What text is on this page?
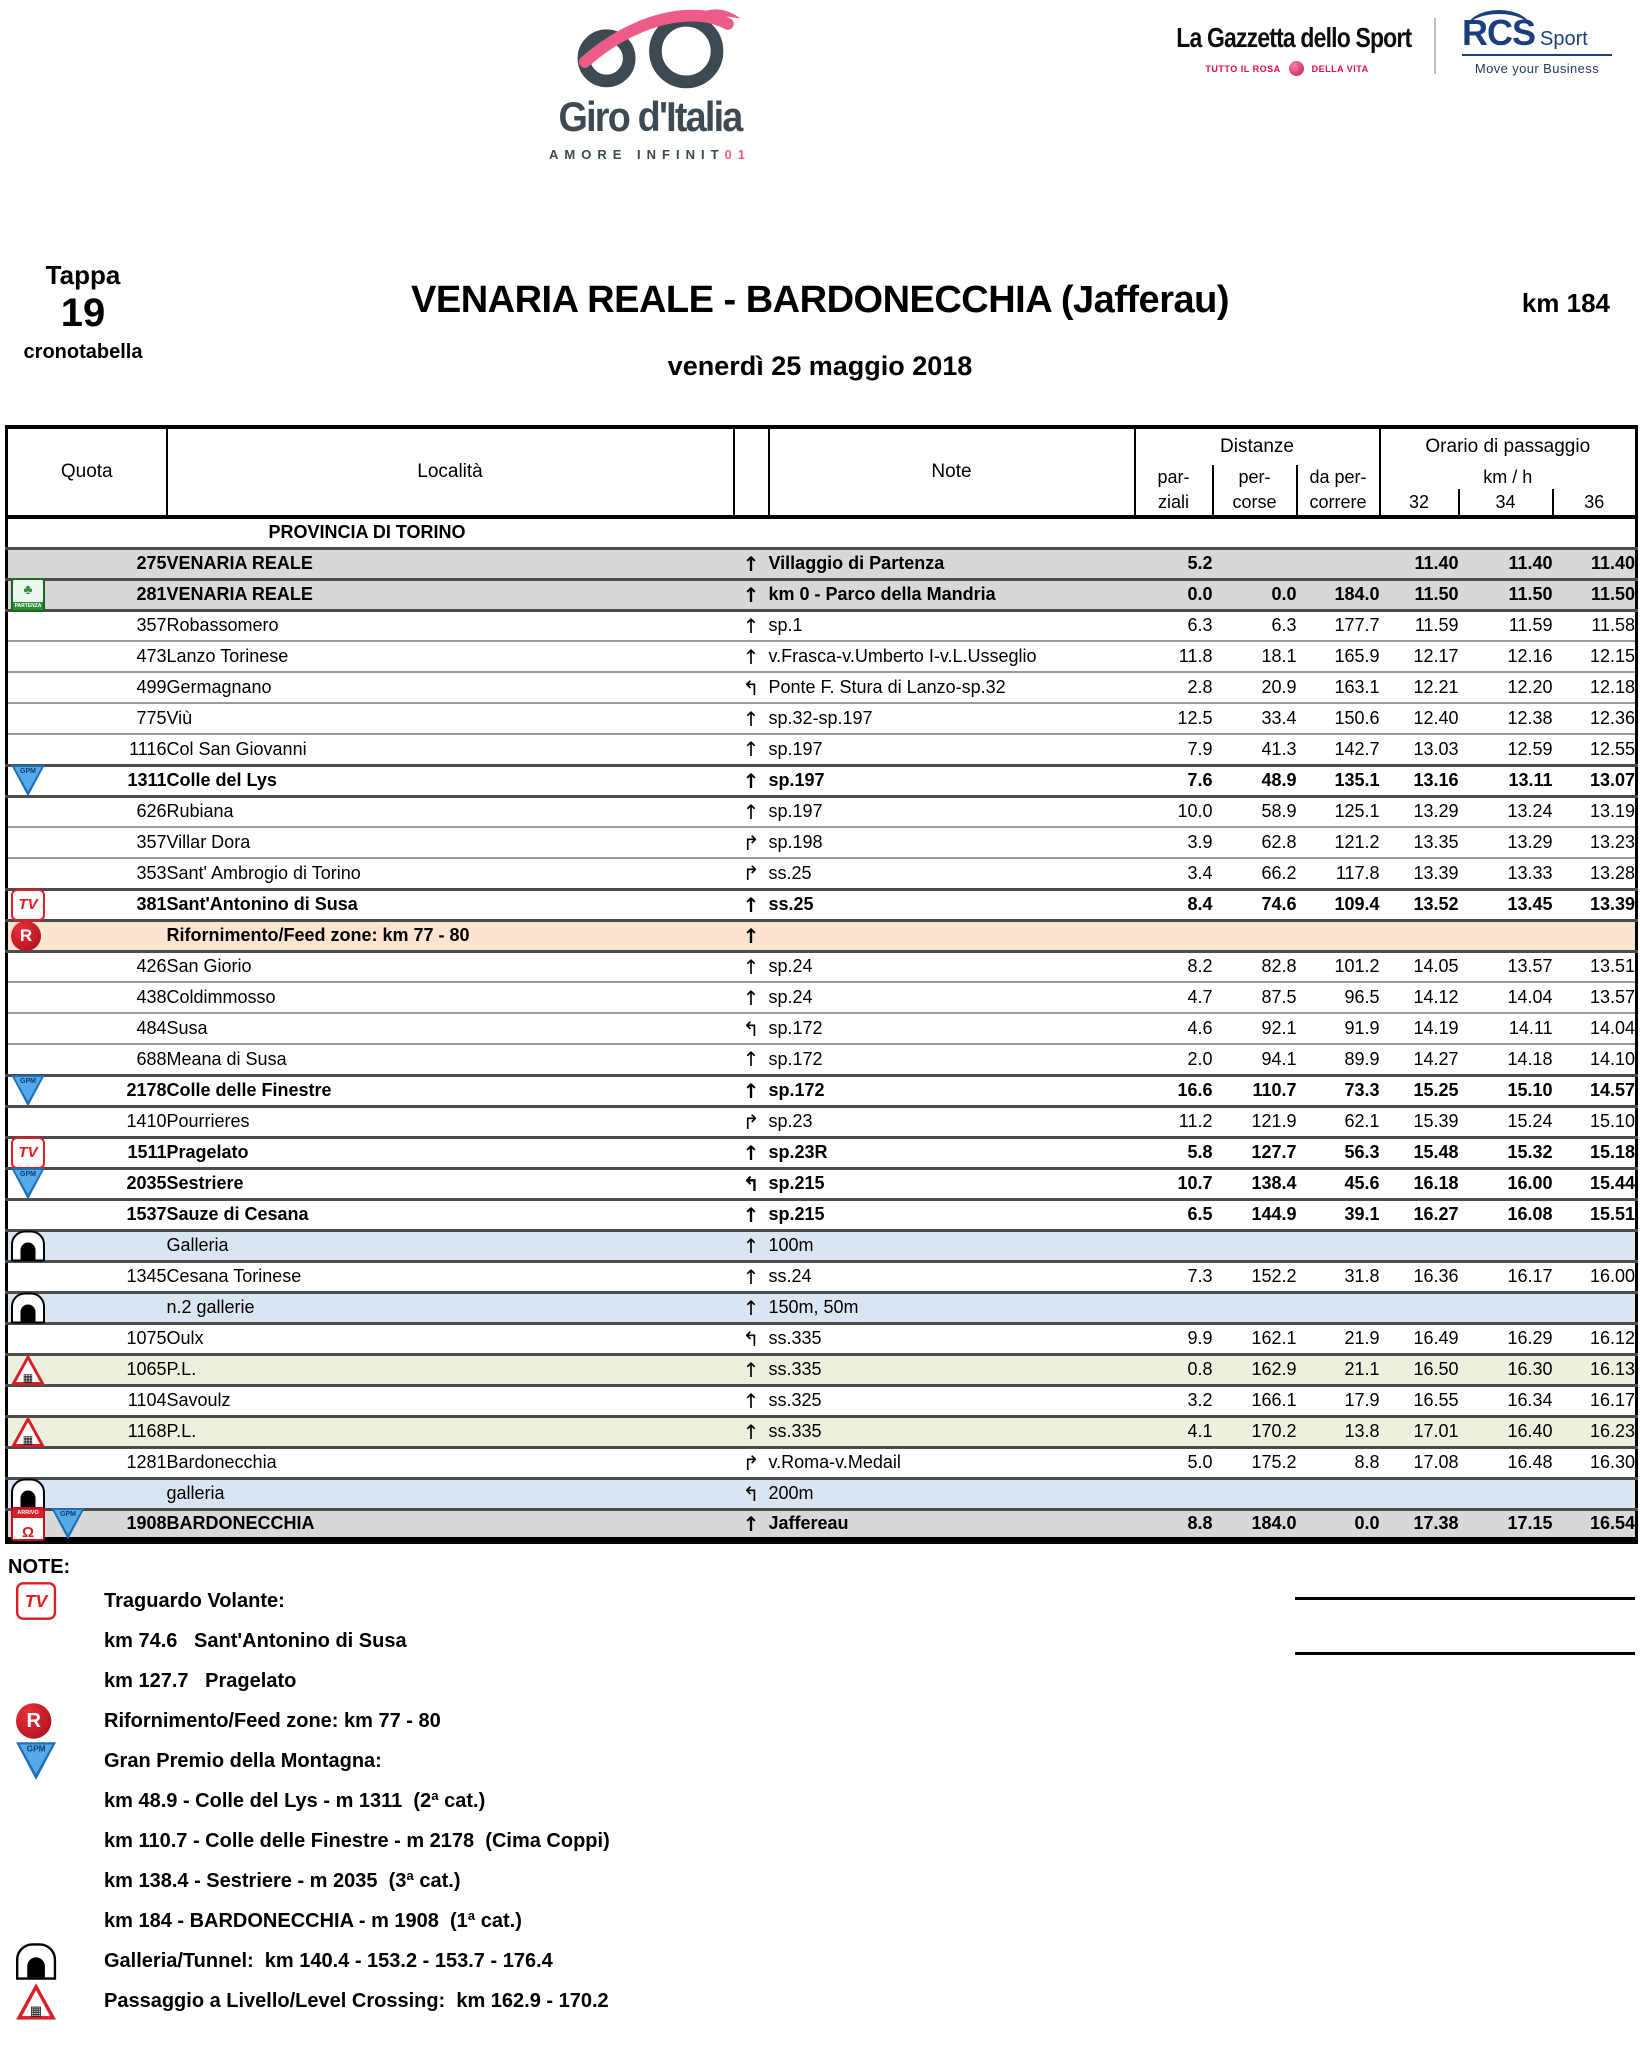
Giro d'Italia
AMORE INFINIT01
La Gazzetta dello Sport
TUTTO IL ROSA	DELLA VITA
RCS Sport
Move your Business
Tappa
19
cronotabella
VENARIA REALE - BARDONECCHIA (Jafferau)
venerdì 25 maggio 2018
km 184
Quota	Località		Note	Distanze			Orario di passaggio		
				par-	per-	da per-	km / h		
				ziali	corse	correre	32	34	36

	PROVINCIA DI TORINO								

275	VENARIA REALE	↑	Villaggio di Partenza	5.2			11.40	11.40	11.40

♣ PARTENZA
281	VENARIA REALE	↑	km 0 - Parco della Mandria	0.0	0.0	184.0	11.50	11.50	11.50

357	Robassomero	↑	sp.1	6.3	6.3	177.7	11.59	11.59	11.58

473	Lanzo Torinese	↑	v.Frasca-v.Umberto I-v.L.Usseglio	11.8	18.1	165.9	12.17	12.16	12.15

499	Germagnano	↰	Ponte F. Stura di Lanzo-sp.32	2.8	20.9	163.1	12.21	12.20	12.18

775	Viù	↑	sp.32-sp.197	12.5	33.4	150.6	12.40	12.38	12.36

1116	Col San Giovanni	↑	sp.197	7.9	41.3	142.7	13.03	12.59	12.55

GPM
1311	Colle del Lys	↑	sp.197	7.6	48.9	135.1	13.16	13.11	13.07

626	Rubiana	↑	sp.197	10.0	58.9	125.1	13.29	13.24	13.19

357	Villar Dora	↱	sp.198	3.9	62.8	121.2	13.35	13.29	13.23

353	Sant' Ambrogio di Torino	↱	ss.25	3.4	66.2	117.8	13.39	13.33	13.28

TV
381	Sant'Antonino di Susa	↑	ss.25	8.4	74.6	109.4	13.52	13.45	13.39

R
	Rifornimento/Feed zone: km 77 - 80	↑							

426	San Giorio	↑	sp.24	8.2	82.8	101.2	14.05	13.57	13.51

438	Coldimmosso	↑	sp.24	4.7	87.5	96.5	14.12	14.04	13.57

484	Susa	↰	sp.172	4.6	92.1	91.9	14.19	14.11	14.04

688	Meana di Susa	↑	sp.172	2.0	94.1	89.9	14.27	14.18	14.10

GPM
2178	Colle delle Finestre	↑	sp.172	16.6	110.7	73.3	15.25	15.10	14.57

1410	Pourrieres	↱	sp.23	11.2	121.9	62.1	15.39	15.24	15.10

TV
1511	Pragelato	↑	sp.23R	5.8	127.7	56.3	15.48	15.32	15.18

GPM
2035	Sestriere	↰	sp.215	10.7	138.4	45.6	16.18	16.00	15.44

1537	Sauze di Cesana	↑	sp.215	6.5	144.9	39.1	16.27	16.08	15.51

	Galleria	↑	100m						

1345	Cesana Torinese	↑	ss.24	7.3	152.2	31.8	16.36	16.17	16.00

	n.2 gallerie	↑	150m, 50m						

1075	Oulx	↰	ss.335	9.9	162.1	21.9	16.49	16.29	16.12

▦
1065	P.L.	↑	ss.335	0.8	162.9	21.1	16.50	16.30	16.13

1104	Savoulz	↑	ss.325	3.2	166.1	17.9	16.55	16.34	16.17

▦
1168	P.L.	↑	ss.335	4.1	170.2	13.8	17.01	16.40	16.23

1281	Bardonecchia	↱	v.Roma-v.Medail	5.0	175.2	8.8	17.08	16.48	16.30

	galleria	↰	200m						

ARRIVO Ω
GPM
1908	BARDONECCHIA	↑	Jaffereau	8.8	184.0	0.0	17.38	17.15	16.54
NOTE:
TV
Traguardo Volante:
km 74.6   Sant'Antonino di Susa
km 127.7   Pragelato
R
Rifornimento/Feed zone: km 77 - 80
GPM
Gran Premio della Montagna:
km 48.9 - Colle del Lys - m 1311  (2ª cat.)
km 110.7 - Colle delle Finestre - m 2178  (Cima Coppi)
km 138.4 - Sestriere - m 2035  (3ª cat.)
km 184 - BARDONECCHIA - m 1908  (1ª cat.)
Galleria/Tunnel:  km 140.4 - 153.2 - 153.7 - 176.4
▦
Passaggio a Livello/Level Crossing:  km 162.9 - 170.2
